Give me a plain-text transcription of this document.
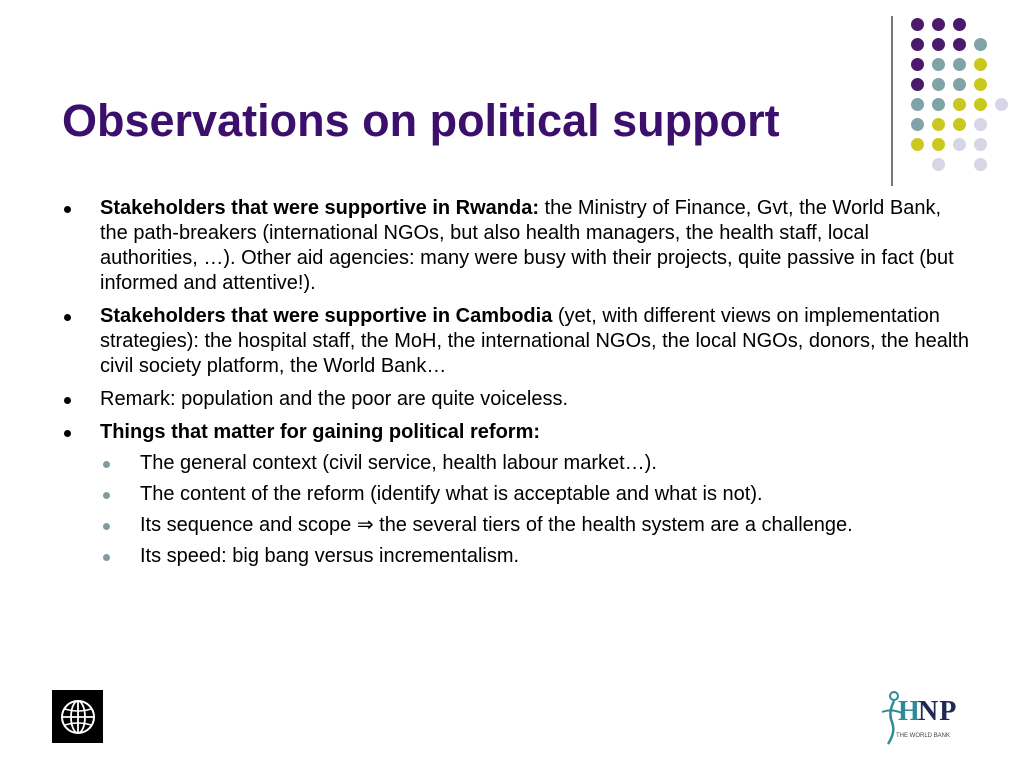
Observations on political support
Stakeholders that were supportive in Rwanda: the Ministry of Finance, Gvt, the World Bank, the path-breakers (international NGOs, but also health managers, the health staff, local authorities, …). Other aid agencies: many were busy with their projects, quite passive in fact (but informed and attentive!).
Stakeholders that were supportive in Cambodia (yet, with different views on implementation strategies): the hospital staff, the MoH, the international NGOs, the local NGOs, donors, the health civil society platform, the World Bank…
Remark: population and the poor are quite voiceless.
Things that matter for gaining political reform:
The general context (civil service, health labour market…).
The content of the reform (identify what is acceptable and what is not).
Its sequence and scope ⇒ the several tiers of the health system are a challenge.
Its speed: big bang versus incrementalism.
H
NP
THE WORLD BANK
